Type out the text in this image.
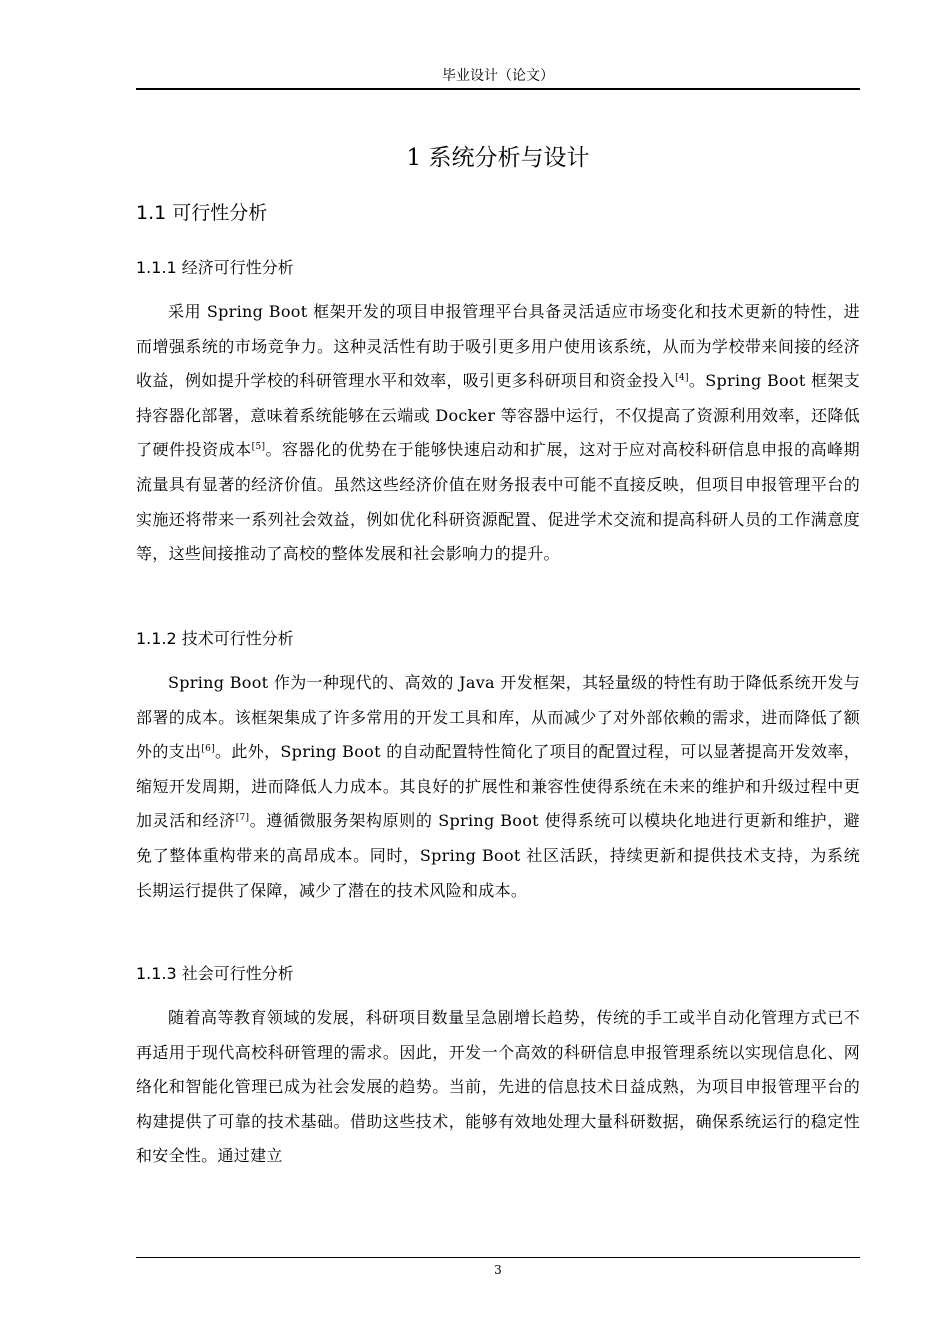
毕业设计（论文）
1 系统分析与设计
1.1 可行性分析
1.1.1 经济可行性分析

采用 Spring Boot 框架开发的项目申报管理平台具备灵活适应市场变化和技术更新的特性，进而增强系统的市场竞争力。这种灵活性有助于吸引更多用户使用该系统，从而为学校带来间接的经济收益，例如提升学校的科研管理水平和效率，吸引更多科研项目和资金投入[4]。Spring Boot 框架支持容器化部署，意味着系统能够在云端或 Docker 等容器中运行，不仅提高了资源利用效率，还降低了硬件投资成本[5]。容器化的优势在于能够快速启动和扩展，这对于应对高校科研信息申报的高峰期流量具有显著的经济价值。虽然这些经济价值在财务报表中可能不直接反映，但项目申报管理平台的实施还将带来一系列社会效益，例如优化科研资源配置、促进学术交流和提高科研人员的工作满意度等，这些间接推动了高校的整体发展和社会影响力的提升。

1.1.2 技术可行性分析

Spring Boot 作为一种现代的、高效的 Java 开发框架，其轻量级的特性有助于降低系统开发与部署的成本。该框架集成了许多常用的开发工具和库，从而减少了对外部依赖的需求，进而降低了额外的支出[6]。此外，Spring Boot 的自动配置特性简化了项目的配置过程，可以显著提高开发效率，缩短开发周期，进而降低人力成本。其良好的扩展性和兼容性使得系统在未来的维护和升级过程中更加灵活和经济[7]。遵循微服务架构原则的 Spring Boot 使得系统可以模块化地进行更新和维护，避免了整体重构带来的高昂成本。同时，Spring Boot 社区活跃，持续更新和提供技术支持，为系统长期运行提供了保障，减少了潜在的技术风险和成本。

1.1.3 社会可行性分析

随着高等教育领域的发展，科研项目数量呈急剧增长趋势，传统的手工或半自动化管理方式已不再适用于现代高校科研管理的需求。因此，开发一个高效的科研信息申报管理系统以实现信息化、网络化和智能化管理已成为社会发展的趋势。当前，先进的信息技术日益成熟，为项目申报管理平台的构建提供了可靠的技术基础。借助这些技术，能够有效地处理大量科研数据，确保系统运行的稳定性和安全性。通过建立

3
